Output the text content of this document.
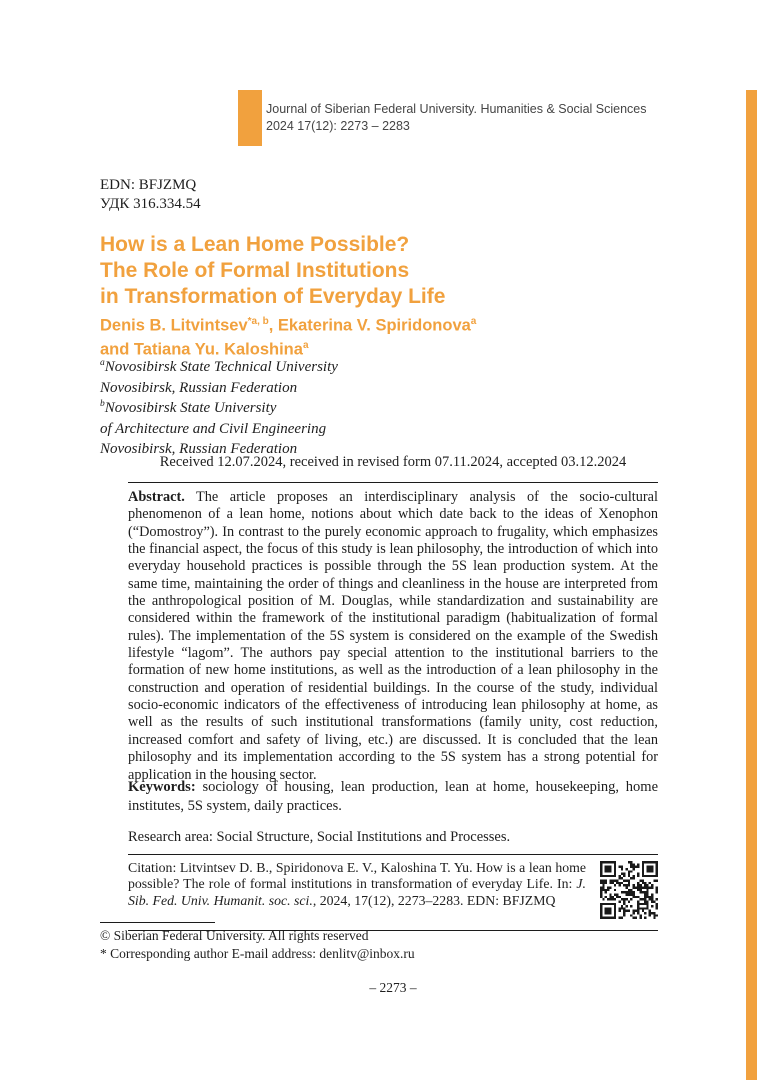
Journal of Siberian Federal University. Humanities & Social Sciences
2024 17(12): 2273 – 2283
EDN: BFJZMQ
УДК 316.334.54
How is a Lean Home Possible?
The Role of Formal Institutions
in Transformation of Everyday Life
Denis B. Litvintsev$^{*a, b}$, Ekaterina V. Spiridonova$^a$
and Tatiana Yu. Kaloshina$^a$
$^a$Novosibirsk State Technical University
Novosibirsk, Russian Federation
$^b$Novosibirsk State University
of Architecture and Civil Engineering
Novosibirsk, Russian Federation
Received 12.07.2024, received in revised form 07.11.2024, accepted 03.12.2024

Abstract. The article proposes an interdisciplinary analysis of the socio-cultural phenomenon of a lean home, notions about which date back to the ideas of Xenophon (“Domostroy”). In contrast to the purely economic approach to frugality, which emphasizes the financial aspect, the focus of this study is lean philosophy, the introduction of which into everyday household practices is possible through the 5S lean production system. At the same time, maintaining the order of things and cleanliness in the house are interpreted from the anthropological position of M. Douglas, while standardization and sustainability are considered within the framework of the institutional paradigm (habitualization of formal rules). The implementation of the 5S system is considered on the example of the Swedish lifestyle “lagom”. The authors pay special attention to the institutional barriers to the formation of new home institutions, as well as the introduction of a lean philosophy in the construction and operation of residential buildings. In the course of the study, individual socio-economic indicators of the effectiveness of introducing lean philosophy at home, as well as the results of such institutional transformations (family unity, cost reduction, increased comfort and safety of living, etc.) are discussed. It is concluded that the lean philosophy and its implementation according to the 5S system has a strong potential for application in the housing sector.

Keywords: sociology of housing, lean production, lean at home, housekeeping, home institutes, 5S system, daily practices.

Research area: Social Structure, Social Institutions and Processes.

Citation: Litvintsev D. B., Spiridonova E. V., Kaloshina T. Yu. How is a lean home possible? The role of formal institutions in transformation of everyday Life. In: J. Sib. Fed. Univ. Humanit. soc. sci., 2024, 17(12), 2273–2283. EDN: BFJZMQ
© Siberian Federal University. All rights reserved
* Corresponding author E-mail address: denlitv@inbox.ru
– 2273 –
